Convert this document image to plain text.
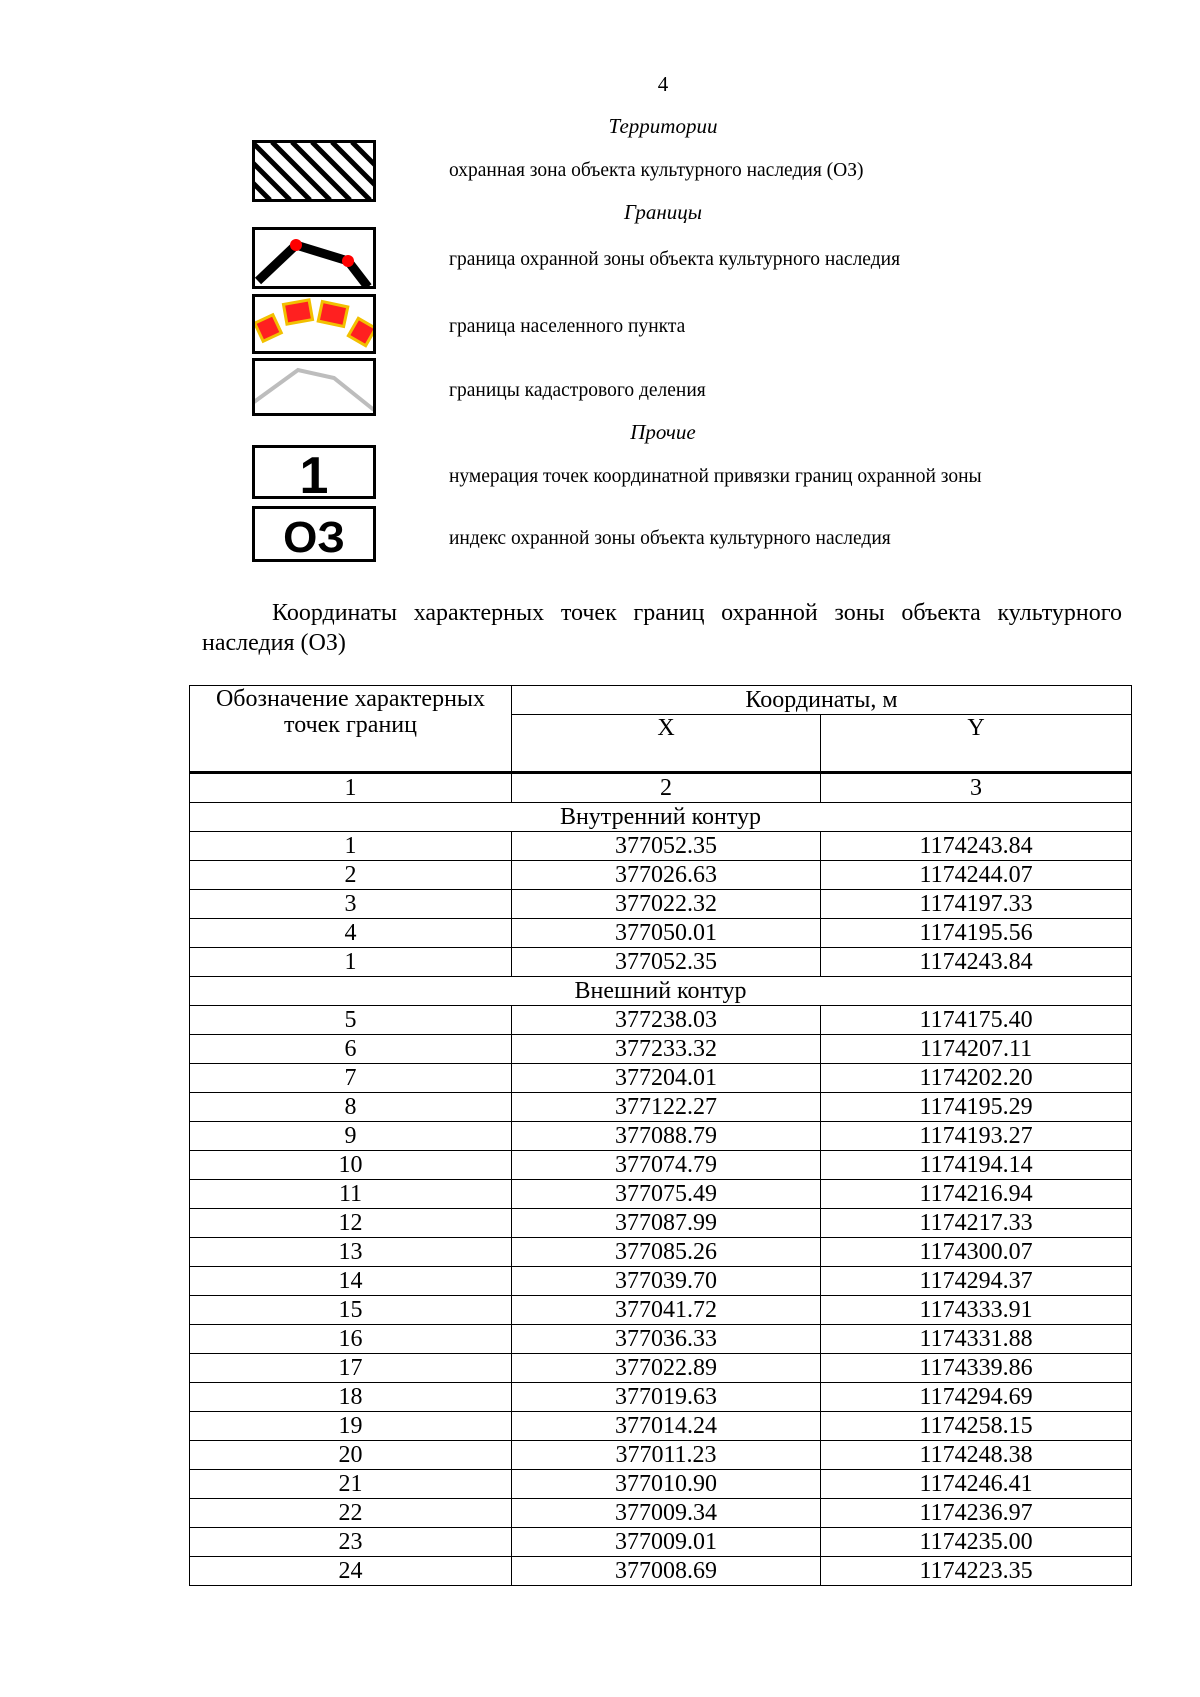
4
Территории
охранная зона объекта культурного наследия (ОЗ)
Границы
граница охранной зоны объекта культурного наследия
граница населенного пункта
границы кадастрового деления
Прочие
1	нумерация точек координатной привязки границ охранной зоны
ОЗ	индекс охранной зоны объекта культурного наследия
Координаты характерных точек границ охранной зоны объекта культурного наследия (ОЗ)
Обозначение характерных точек границ	Координаты, м	
	X	Y
1	2	3
Внутренний контур		
1	377052.35	1174243.84
2	377026.63	1174244.07
3	377022.32	1174197.33
4	377050.01	1174195.56
1	377052.35	1174243.84
Внешний контур		
5	377238.03	1174175.40
6	377233.32	1174207.11
7	377204.01	1174202.20
8	377122.27	1174195.29
9	377088.79	1174193.27
10	377074.79	1174194.14
11	377075.49	1174216.94
12	377087.99	1174217.33
13	377085.26	1174300.07
14	377039.70	1174294.37
15	377041.72	1174333.91
16	377036.33	1174331.88
17	377022.89	1174339.86
18	377019.63	1174294.69
19	377014.24	1174258.15
20	377011.23	1174248.38
21	377010.90	1174246.41
22	377009.34	1174236.97
23	377009.01	1174235.00
24	377008.69	1174223.35
